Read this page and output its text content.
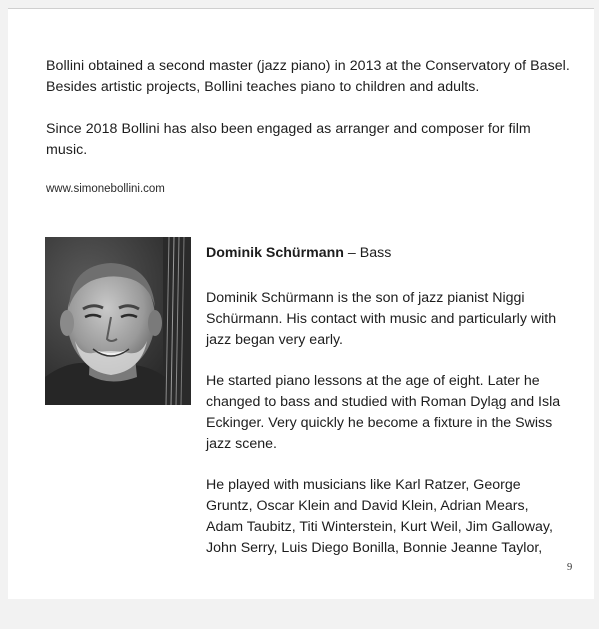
Bollini obtained a second master (jazz piano) in 2013 at the Conservatory of Basel. Besides artistic projects, Bollini teaches piano to children and adults.

Since 2018 Bollini has also been engaged as arranger and composer for film music.

www.simonebollini.com

Dominik Schürmann – Bass

Dominik Schürmann is the son of jazz pianist Niggi Schürmann. His contact with music and particularly with jazz began very early.

He started piano lessons at the age of eight. Later he changed to bass and studied with Roman Dyląg and Isla Eckinger. Very quickly he become a fixture in the Swiss jazz scene.

He played with musicians like Karl Ratzer, George Gruntz, Oscar Klein and David Klein, Adrian Mears, Adam Taubitz, Titi Winterstein, Kurt Weil, Jim Galloway, John Serry, Luis Diego Bonilla, Bonnie Jeanne Taylor,

9
